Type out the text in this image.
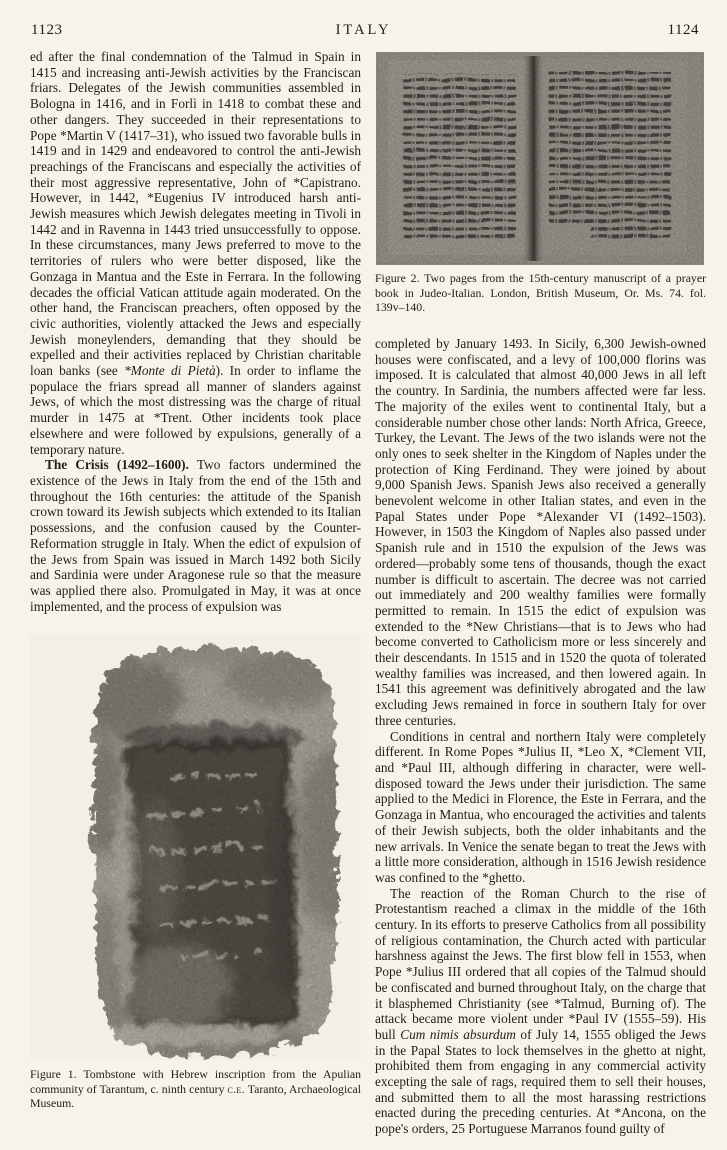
1123	ITALY	1124

ed after the final condemnation of the Talmud in Spain in 1415 and increasing anti-Jewish activities by the Franciscan friars. Delegates of the Jewish communities assembled in Bologna in 1416, and in Forlì in 1418 to combat these and other dangers. They succeeded in their representations to Pope *Martin V (1417–31), who issued two favorable bulls in 1419 and in 1429 and endeavored to control the anti-Jewish preachings of the Franciscans and especially the activities of their most aggressive representative, John of *Capistrano. However, in 1442, *Eugenius IV introduced harsh anti-Jewish measures which Jewish delegates meeting in Tivoli in 1442 and in Ravenna in 1443 tried unsuccessfully to oppose. In these circumstances, many Jews preferred to move to the territories of rulers who were better disposed, like the Gonzaga in Mantua and the Este in Ferrara. In the following decades the official Vatican attitude again moderated. On the other hand, the Franciscan preachers, often opposed by the civic authorities, violently attacked the Jews and especially Jewish moneylenders, demanding that they should be expelled and their activities replaced by Christian charitable loan banks (see *Monte di Pietà). In order to inflame the populace the friars spread all manner of slanders against Jews, of which the most distressing was the charge of ritual murder in 1475 at *Trent. Other incidents took place elsewhere and were followed by expulsions, generally of a temporary nature.

The Crisis (1492–1600). Two factors undermined the existence of the Jews in Italy from the end of the 15th and throughout the 16th centuries: the attitude of the Spanish crown toward its Jewish subjects which extended to its Italian possessions, and the confusion caused by the Counter-Reformation struggle in Italy. When the edict of expulsion of the Jews from Spain was issued in March 1492 both Sicily and Sardinia were under Aragonese rule so that the measure was applied there also. Promulgated in May, it was at once implemented, and the process of expulsion was

Figure 2. Two pages from the 15th-century manuscript of a prayer book in Judeo-Italian. London, British Museum, Or. Ms. 74. fol. 139v–140.

completed by January 1493. In Sicily, 6,300 Jewish-owned houses were confiscated, and a levy of 100,000 florins was imposed. It is calculated that almost 40,000 Jews in all left the country. In Sardinia, the numbers affected were far less. The majority of the exiles went to continental Italy, but a considerable number chose other lands: North Africa, Greece, Turkey, the Levant. The Jews of the two islands were not the only ones to seek shelter in the Kingdom of Naples under the protection of King Ferdinand. They were joined by about 9,000 Spanish Jews. Spanish Jews also received a generally benevolent welcome in other Italian states, and even in the Papal States under Pope *Alexander VI (1492–1503). However, in 1503 the Kingdom of Naples also passed under Spanish rule and in 1510 the expulsion of the Jews was ordered—probably some tens of thousands, though the exact number is difficult to ascertain. The decree was not carried out immediately and 200 wealthy families were formally permitted to remain. In 1515 the edict of expulsion was extended to the *New Christians—that is to Jews who had become converted to Catholicism more or less sincerely and their descendants. In 1515 and in 1520 the quota of tolerated wealthy families was increased, and then lowered again. In 1541 this agreement was definitively abrogated and the law excluding Jews remained in force in southern Italy for over three centuries.

Conditions in central and northern Italy were completely different. In Rome Popes *Julius II, *Leo X, *Clement VII, and *Paul III, although differing in character, were well-disposed toward the Jews under their jurisdiction. The same applied to the Medici in Florence, the Este in Ferrara, and the Gonzaga in Mantua, who encouraged the activities and talents of their Jewish subjects, both the older inhabitants and the new arrivals. In Venice the senate began to treat the Jews with a little more consideration, although in 1516 Jewish residence was confined to the *ghetto.

The reaction of the Roman Church to the rise of Protestantism reached a climax in the middle of the 16th century. In its efforts to preserve Catholics from all possibility of religious contamination, the Church acted with particular harshness against the Jews. The first blow fell in 1553, when Pope *Julius III ordered that all copies of the Talmud should be confiscated and burned throughout Italy, on the charge that it blasphemed Christianity (see *Talmud, Burning of). The attack became more violent under *Paul IV (1555–59). His bull Cum nimis absurdum of July 14, 1555 obliged the Jews in the Papal States to lock themselves in the ghetto at night, prohibited them from engaging in any commercial activity excepting the sale of rags, required them to sell their houses, and submitted them to all the most harassing restrictions enacted during the preceding centuries. At *Ancona, on the pope's orders, 25 Portuguese Marranos found guilty of

Figure 1. Tombstone with Hebrew inscription from the Apulian community of Tarantum, c. ninth century c.e. Taranto, Archaeological Museum.
